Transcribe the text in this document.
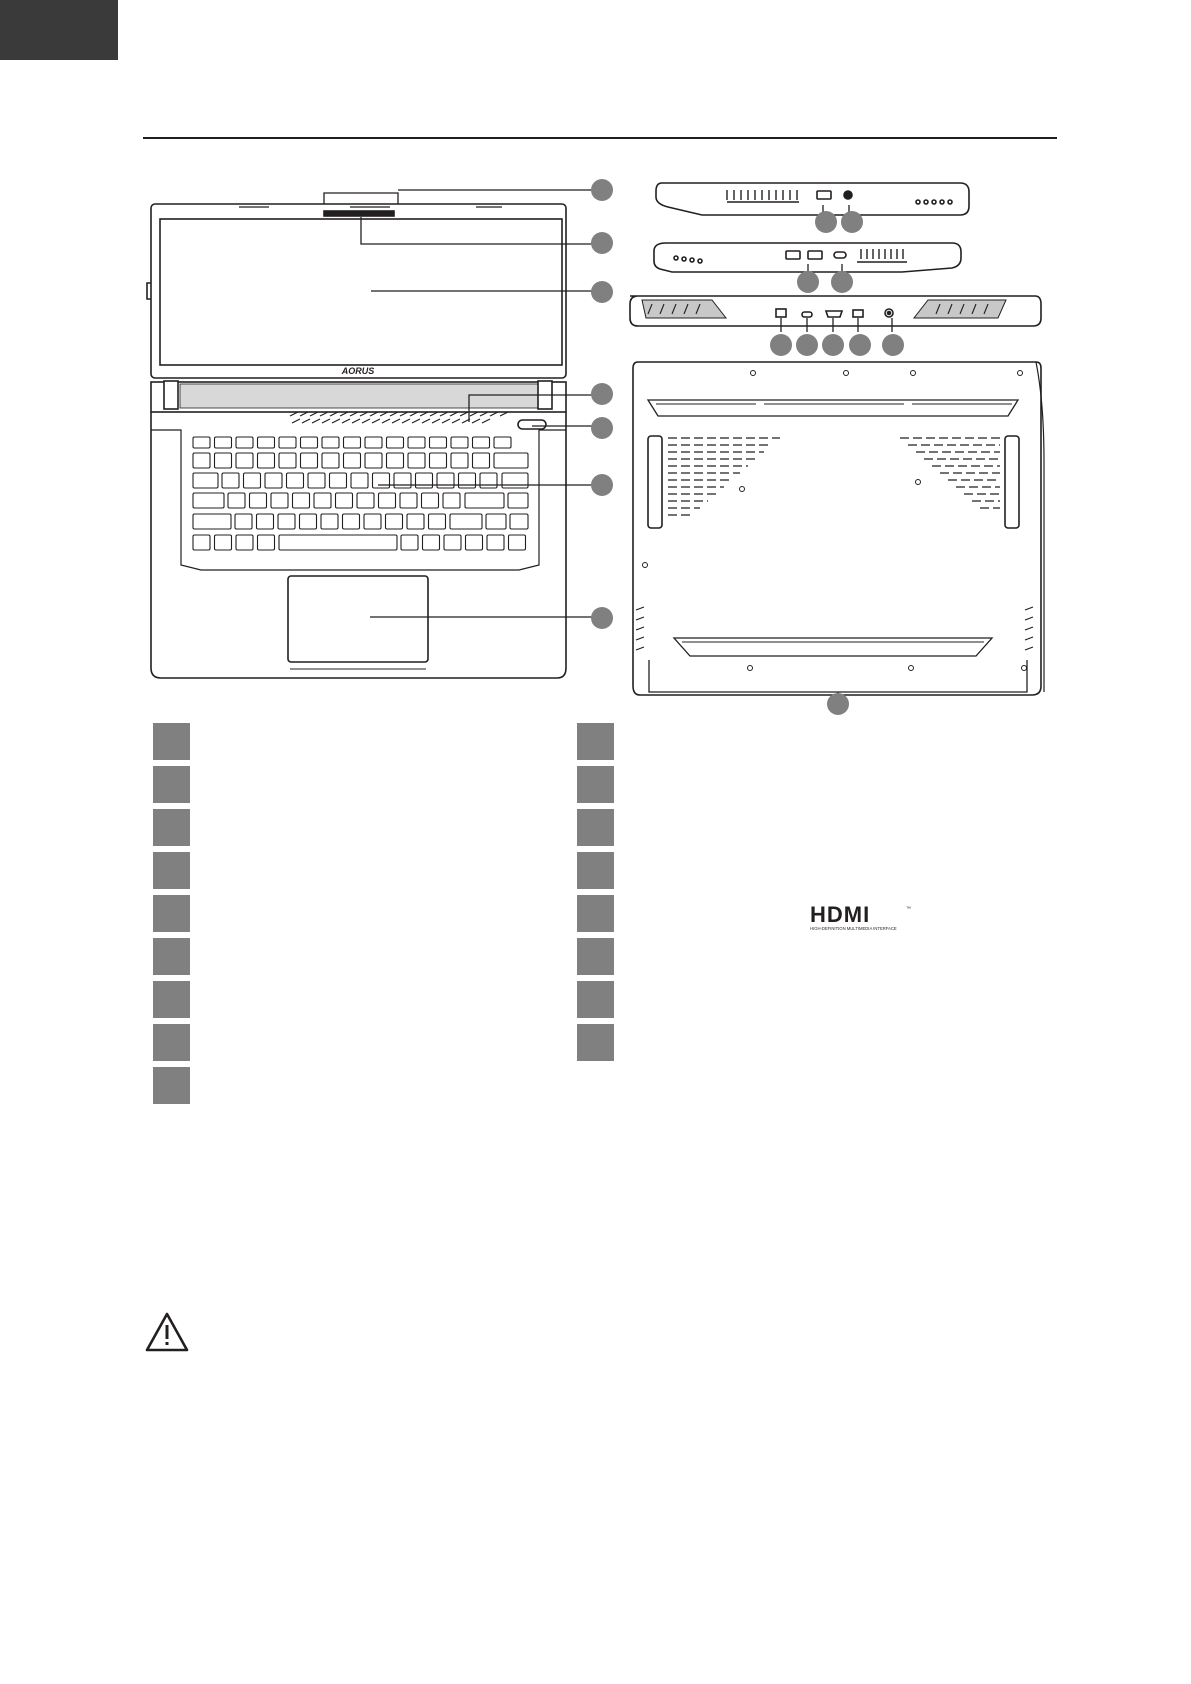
AORUS
HDMI
HIGH-DEFINITION MULTIMEDIA INTERFACE
™
